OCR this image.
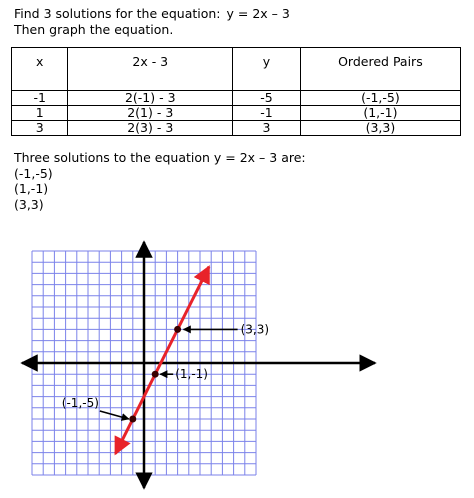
Find 3 solutions for the equation: y = 2x – 3
Then graph the equation.
x	2x - 3	y	Ordered Pairs
-1	2(-1) - 3	-5	(-1,-5)
1	2(1) - 3	-1	(1,-1)
3	2(3) - 3	3	(3,3)
Three solutions to the equation y = 2x – 3 are:
(-1,-5)
(1,-1)
(3,3)
(3,3)
(1,-1)
(-1,-5)
